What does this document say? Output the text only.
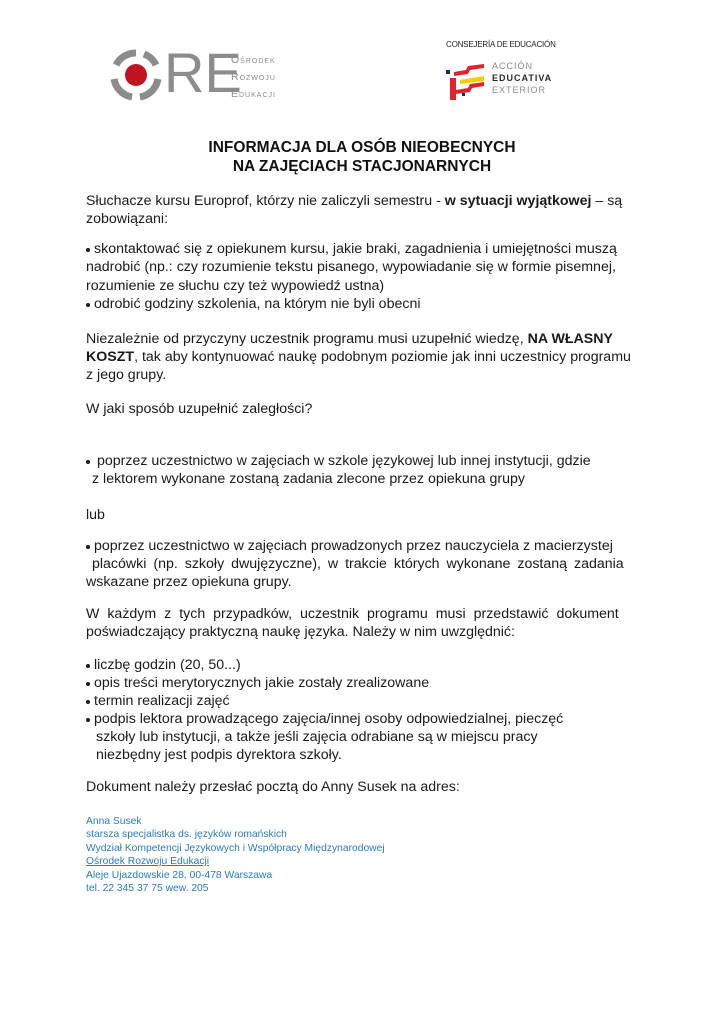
RE
Ośrodek
Rozwoju
Edukacji
CONSEJERÍA DE EDUCACIÓN
ACCIÓN
EDUCATIVA
EXTERIOR
INFORMACJA DLA OSÓB NIEOBECNYCH
NA ZAJĘCIACH STACJONARNYCH
Słuchacze kursu Europrof, którzy nie zaliczyli semestru - w sytuacji wyjątkowej – są
zobowiązani:
skontaktować się z opiekunem kursu, jakie braki, zagadnienia i umiejętności muszą
nadrobić (np.: czy rozumienie tekstu pisanego, wypowiadanie się w formie pisemnej,
rozumienie ze słuchu czy też wypowiedź ustna)
odrobić godziny szkolenia, na którym nie byli obecni
Niezależnie od przyczyny uczestnik programu musi uzupełnić wiedzę, NA WŁASNY
KOSZT, tak aby kontynuować naukę podobnym poziomie jak inni uczestnicy programu
z jego grupy.
W jaki sposób uzupełnić zaległości?
poprzez uczestnictwo w zajęciach w szkole językowej lub innej instytucji, gdzie
z lektorem wykonane zostaną zadania zlecone przez opiekuna grupy
lub
poprzez uczestnictwo w zajęciach prowadzonych przez nauczyciela z macierzystej
placówki (np. szkoły dwujęzyczne), w trakcie których wykonane zostaną zadania
wskazane przez opiekuna grupy.
W każdym z tych przypadków, uczestnik programu musi przedstawić dokument
poświadczający praktyczną naukę języka. Należy w nim uwzględnić:
liczbę godzin (20, 50...)
opis treści merytorycznych jakie zostały zrealizowane
termin realizacji zajęć
podpis lektora prowadzącego zajęcia/innej osoby odpowiedzialnej, pieczęć
szkoły lub instytucji, a także jeśli zajęcia odrabiane są w miejscu pracy
niezbędny jest podpis dyrektora szkoły.
Dokument należy przesłać pocztą do Anny Susek na adres:
Anna Susek
starsza specjalistka ds. języków romańskich
Wydział Kompetencji Językowych i Współpracy Międzynarodowej
Ośrodek Rozwoju Edukacji
Aleje Ujazdowskie 28, 00-478 Warszawa
tel. 22 345 37 75 wew. 205
